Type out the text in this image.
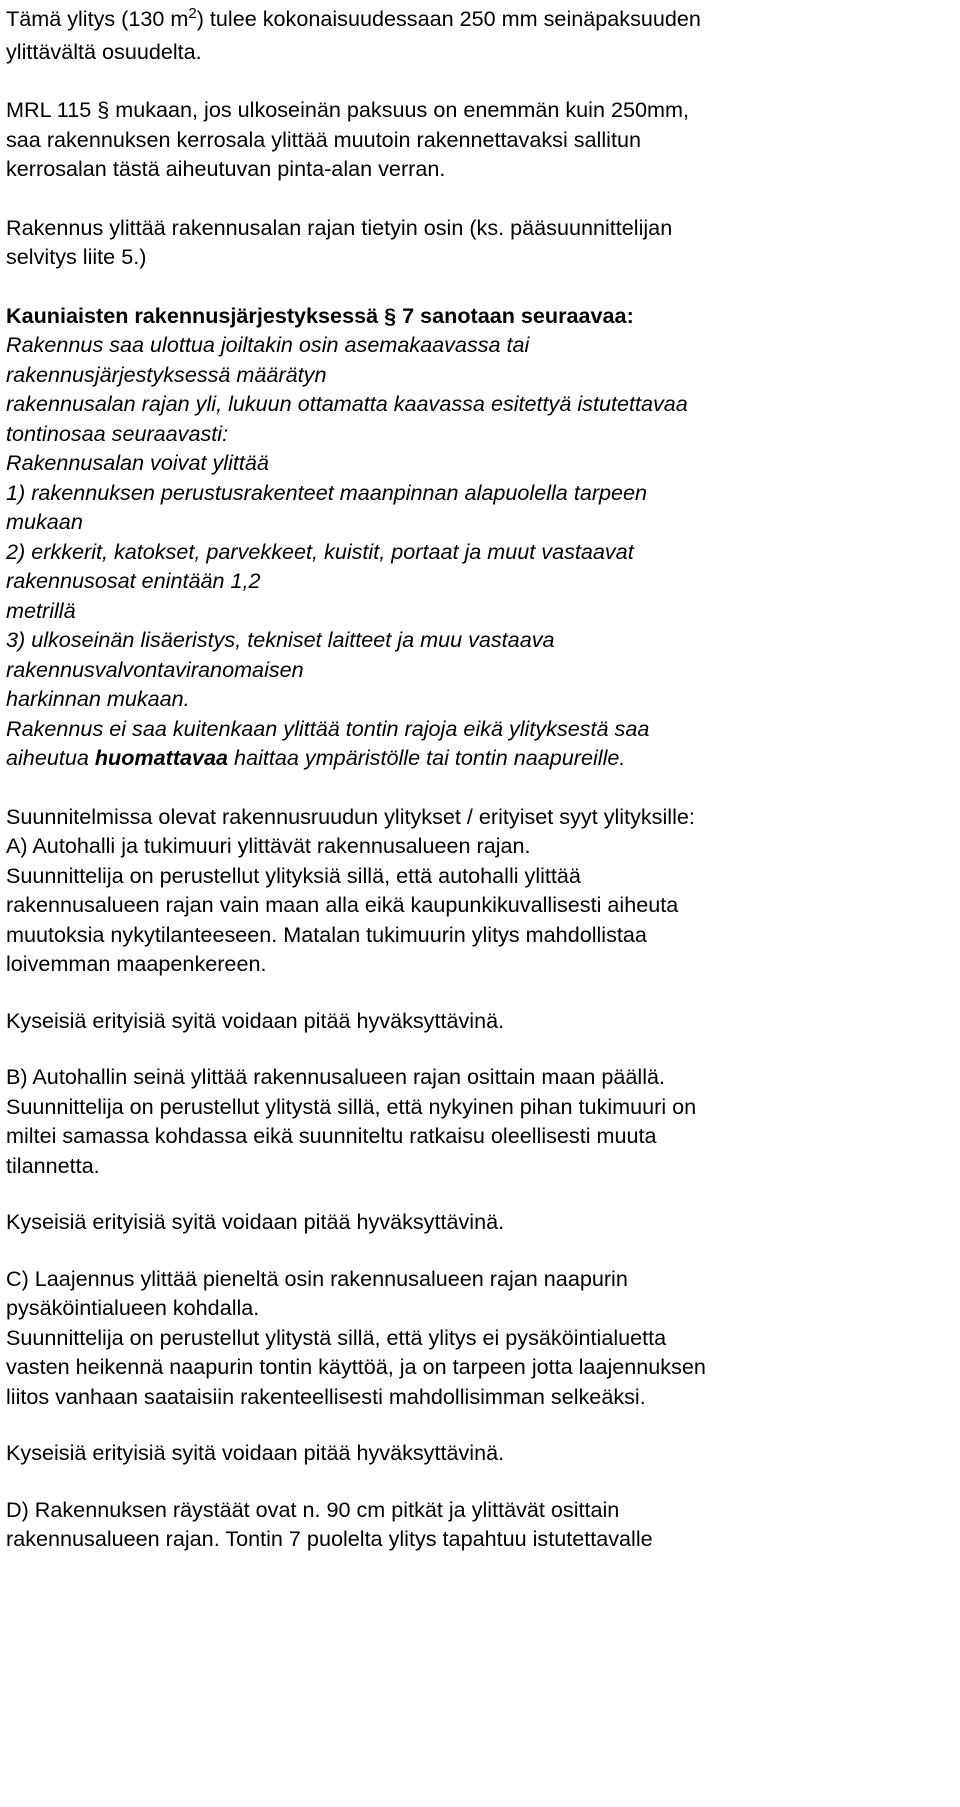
Tämä ylitys (130 $m^2$) tulee kokonaisuudessaan 250 mm seinäpaksuuden

ylittävältä osuudelta.

MRL 115 § mukaan, jos ulkoseinän paksuus on enemmän kuin 250mm,

saa rakennuksen kerrosala ylittää muutoin rakennettavaksi sallitun

kerrosalan tästä aiheutuvan pinta-alan verran.

Rakennus ylittää rakennusalan rajan tietyin osin (ks. pääsuunnittelijan

selvitys liite 5.)

Kauniaisten rakennusjärjestyksessä § 7 sanotaan seuraavaa:

Rakennus saa ulottua joiltakin osin asemakaavassa tai

rakennusjärjestyksessä määrätyn

rakennusalan rajan yli, lukuun ottamatta kaavassa esitettyä istutettavaa

tontinosaa seuraavasti:

Rakennusalan voivat ylittää

1) rakennuksen perustusrakenteet maanpinnan alapuolella tarpeen

mukaan

2) erkkerit, katokset, parvekkeet, kuistit, portaat ja muut vastaavat

rakennusosat enintään 1,2

metrillä

3) ulkoseinän lisäeristys, tekniset laitteet ja muu vastaava

rakennusvalvontaviranomaisen

harkinnan mukaan.

Rakennus ei saa kuitenkaan ylittää tontin rajoja eikä ylityksestä saa

aiheutua huomattavaa haittaa ympäristölle tai tontin naapureille.

Suunnitelmissa olevat rakennusruudun ylitykset / erityiset syyt ylityksille:

A) Autohalli ja tukimuuri ylittävät rakennusalueen rajan.

Suunnittelija on perustellut ylityksiä sillä, että autohalli ylittää

rakennusalueen rajan vain maan alla eikä kaupunkikuvallisesti aiheuta

muutoksia nykytilanteeseen. Matalan tukimuurin ylitys mahdollistaa

loivemman maapenkereen.

Kyseisiä erityisiä syitä voidaan pitää hyväksyttävinä.

B) Autohallin seinä ylittää rakennusalueen rajan osittain maan päällä.

Suunnittelija on perustellut ylitystä sillä, että nykyinen pihan tukimuuri on

miltei samassa kohdassa eikä suunniteltu ratkaisu oleellisesti muuta

tilannetta.

Kyseisiä erityisiä syitä voidaan pitää hyväksyttävinä.

C) Laajennus ylittää pieneltä osin rakennusalueen rajan naapurin

pysäköintialueen kohdalla.

Suunnittelija on perustellut ylitystä sillä, että ylitys ei pysäköintialuetta

vasten heikennä naapurin tontin käyttöä, ja on tarpeen jotta laajennuksen

liitos vanhaan saataisiin rakenteellisesti mahdollisimman selkeäksi.

Kyseisiä erityisiä syitä voidaan pitää hyväksyttävinä.

D) Rakennuksen räystäät ovat n. 90 cm pitkät ja ylittävät osittain

rakennusalueen rajan. Tontin 7 puolelta ylitys tapahtuu istutettavalle
